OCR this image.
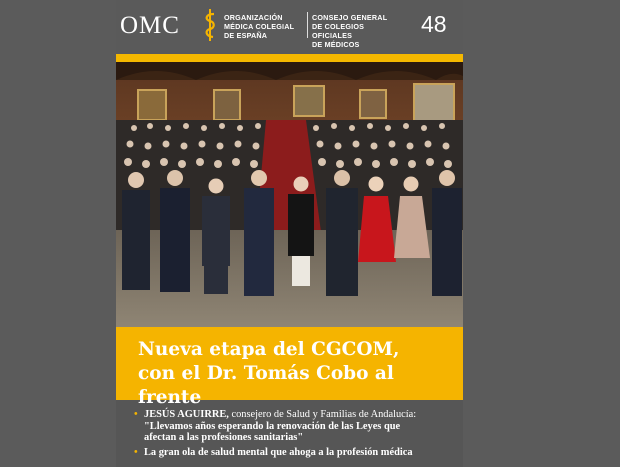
OMC	ORGANIZACIÓN
MÉDICA COLEGIAL
DE ESPAÑA
CONSEJO GENERAL
DE COLEGIOS OFICIALES
DE MÉDICOS
48
Nueva etapa del CGCOM,
con el Dr. Tomás Cobo al frente
• JESÚS AGUIRRE, consejero de Salud y Familias de Andalucía:
"Llevamos años esperando la renovación de las Leyes que
afectan a las profesiones sanitarias"
• La gran ola de salud mental que ahoga a la profesión médica
